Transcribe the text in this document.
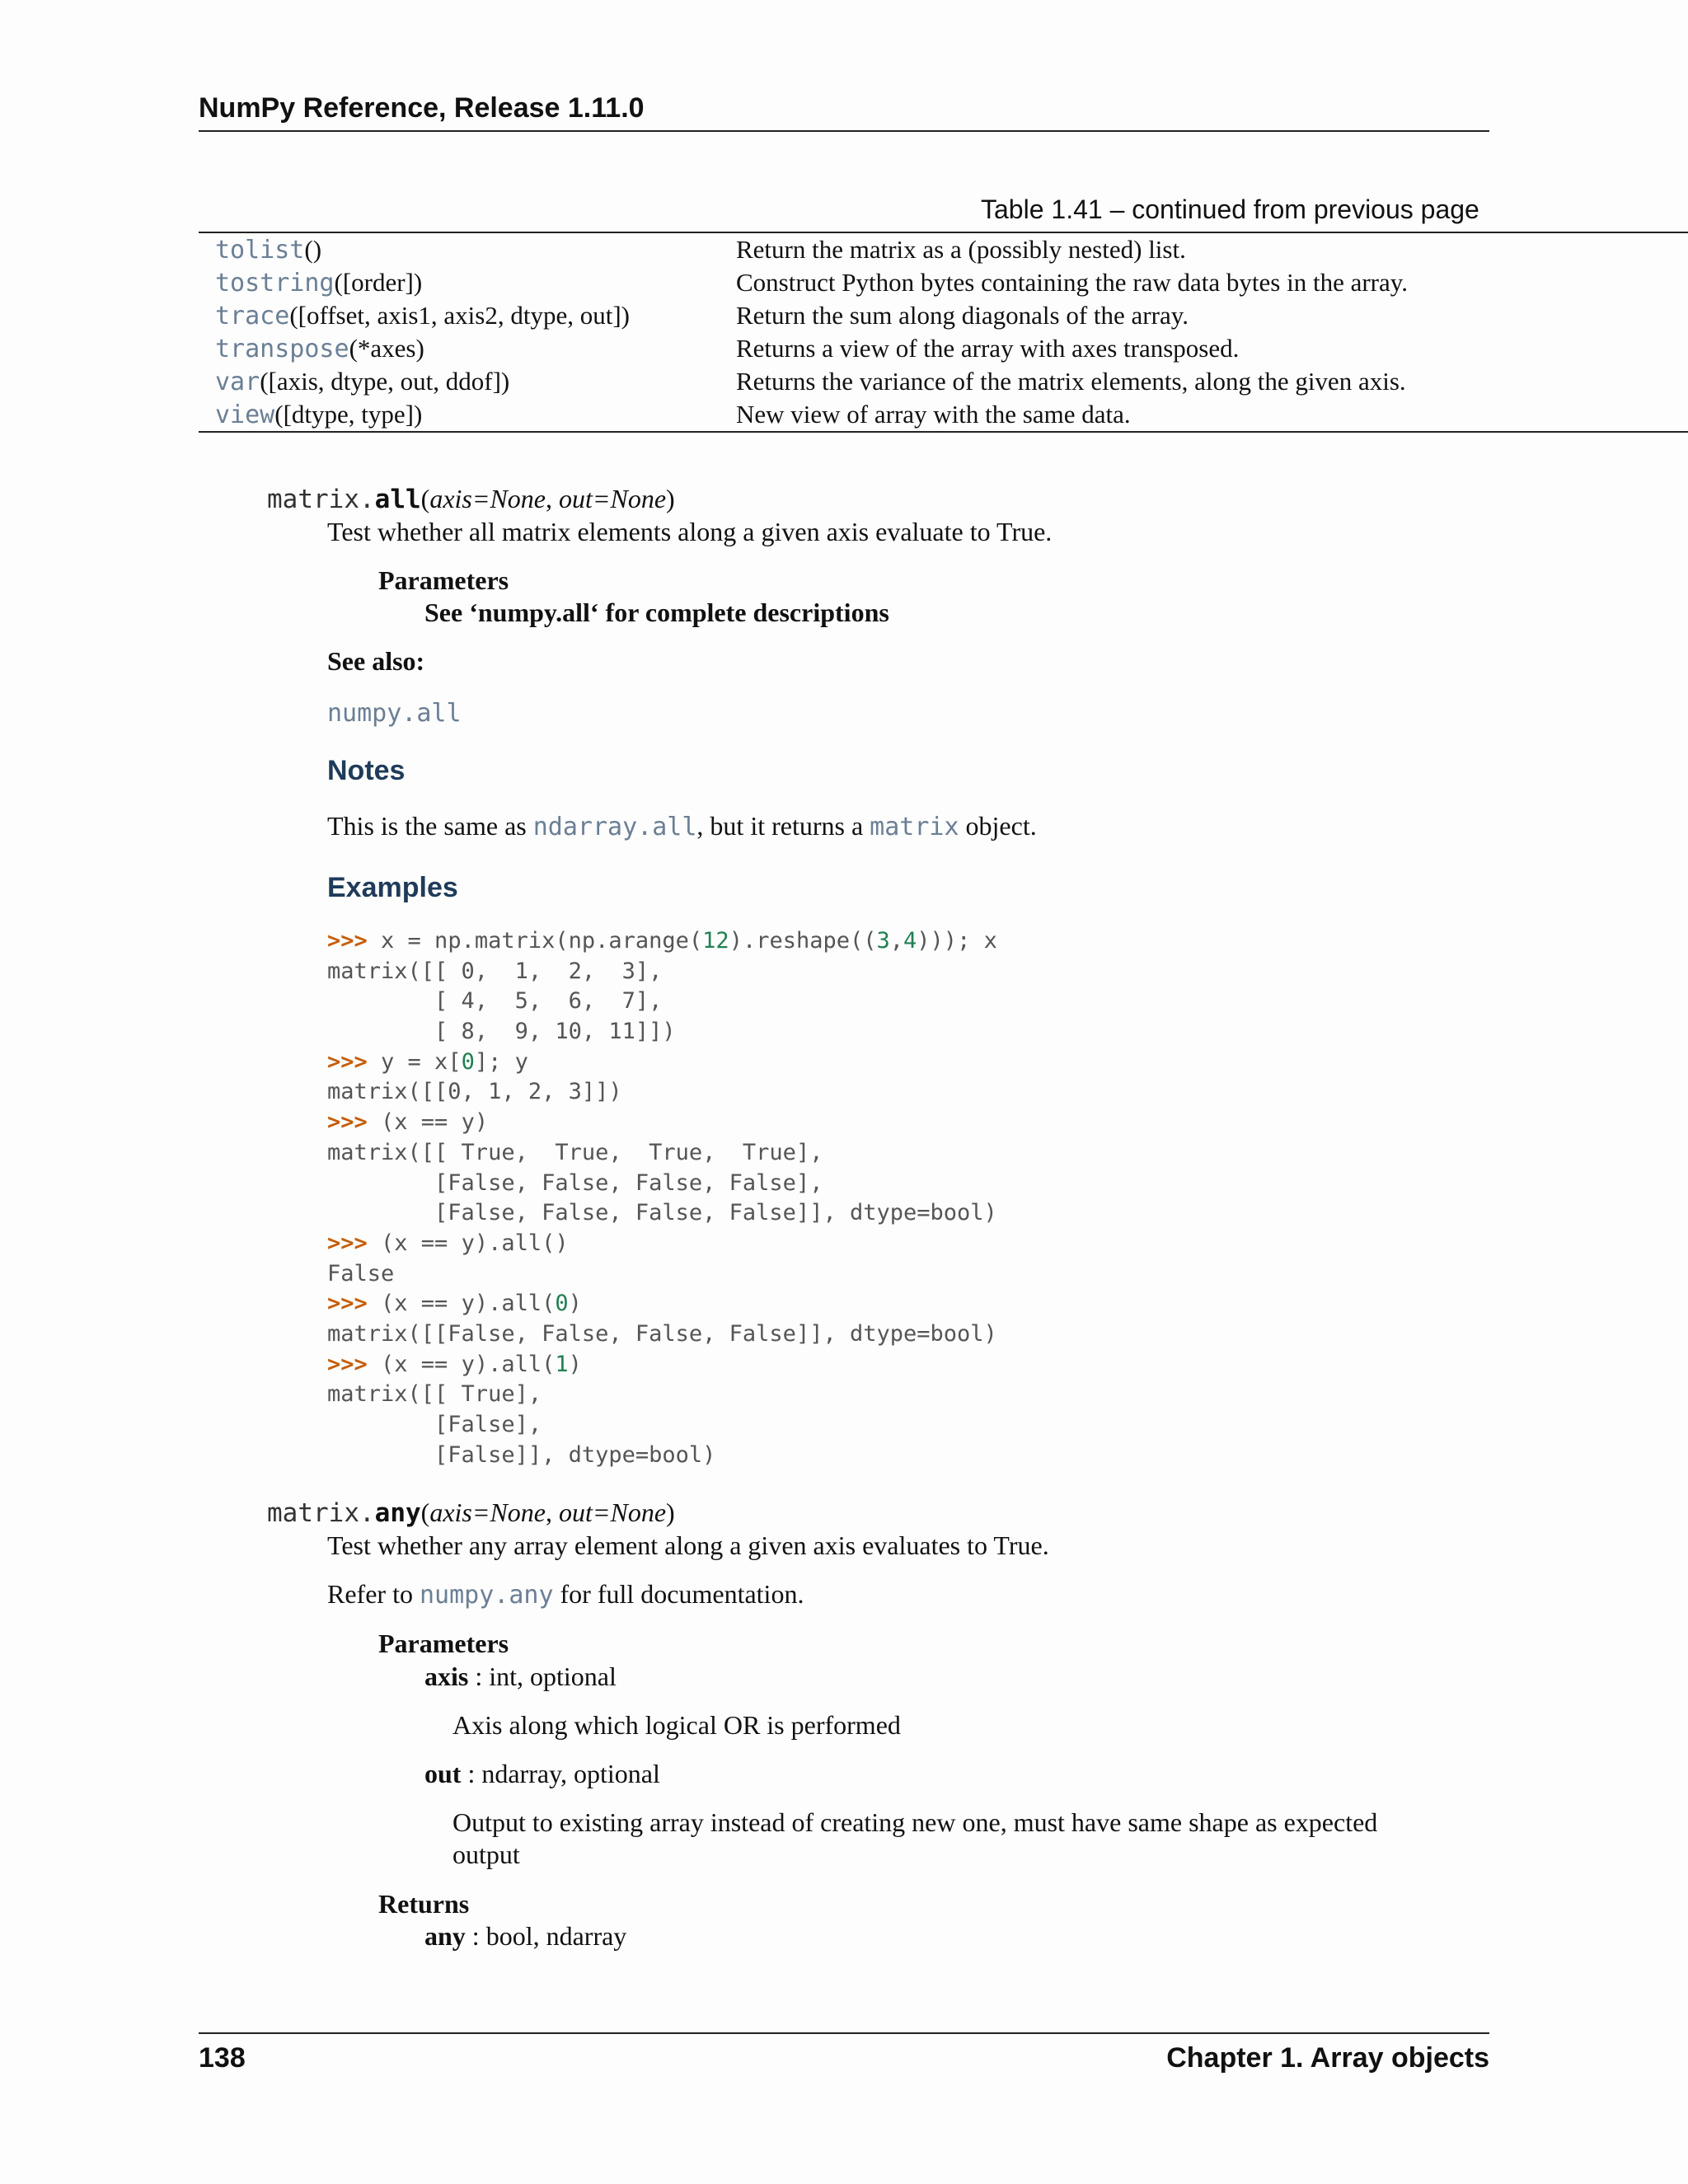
NumPy Reference, Release 1.11.0
Table 1.41 – continued from previous page
tolist()	Return the matrix as a (possibly nested) list.
tostring([order])	Construct Python bytes containing the raw data bytes in the array.
trace([offset, axis1, axis2, dtype, out])	Return the sum along diagonals of the array.
transpose(*axes)	Returns a view of the array with axes transposed.
var([axis, dtype, out, ddof])	Returns the variance of the matrix elements, along the given axis.
view([dtype, type])	New view of array with the same data.
matrix.all(axis=None, out=None)
Test whether all matrix elements along a given axis evaluate to True.
Parameters
See ‘numpy.all‘ for complete descriptions
See also:
numpy.all
Notes
This is the same as ndarray.all, but it returns a matrix object.
Examples
>>> x = np.matrix(np.arange(12).reshape((3,4))); x
matrix([[ 0,  1,  2,  3],
[ 4,  5,  6,  7],
[ 8,  9, 10, 11]])
>>> y = x[0]; y
matrix([[0, 1, 2, 3]])
>>> (x == y)
matrix([[ True,  True,  True,  True],
[False, False, False, False],
[False, False, False, False]], dtype=bool)
>>> (x == y).all()
False
>>> (x == y).all(0)
matrix([[False, False, False, False]], dtype=bool)
>>> (x == y).all(1)
matrix([[ True],
[False],
[False]], dtype=bool)
matrix.any(axis=None, out=None)
Test whether any array element along a given axis evaluates to True.
Refer to numpy.any for full documentation.
Parameters
axis : int, optional
Axis along which logical OR is performed
out : ndarray, optional
Output to existing array instead of creating new one, must have same shape as expected
output
Returns
any : bool, ndarray
138	Chapter 1. Array objects
